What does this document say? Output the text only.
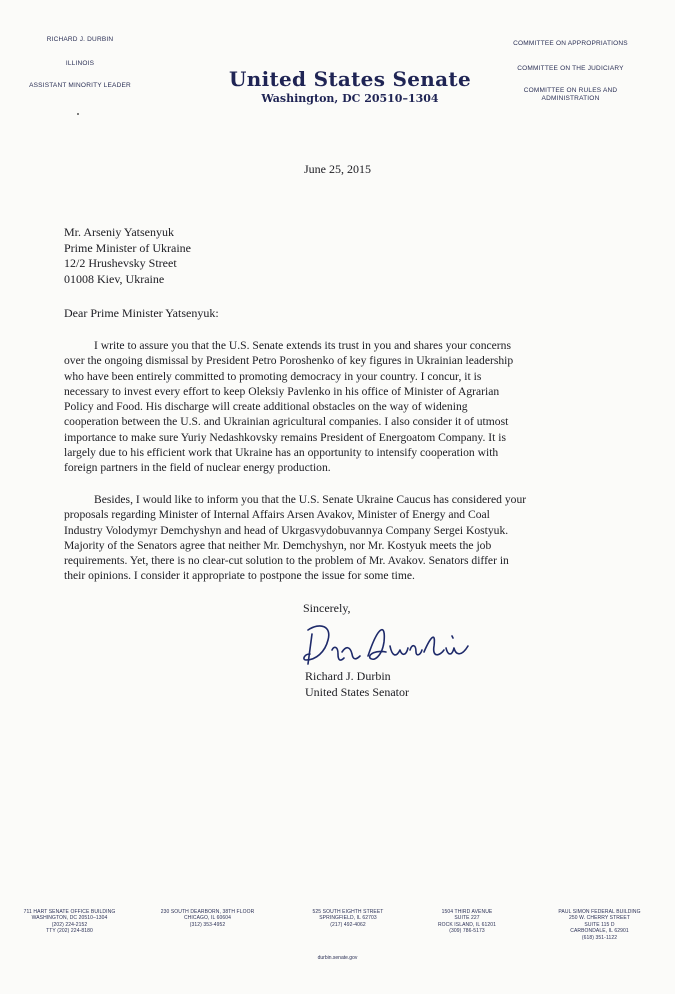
RICHARD J. DURBIN
ILLINOIS
ASSISTANT MINORITY LEADER	United States Senate
Washington, DC 20510–1304
COMMITTEE ON APPROPRIATIONS
COMMITTEE ON THE JUDICIARY
COMMITTEE ON RULES AND ADMINISTRATION
June 25, 2015
Mr. Arseniy Yatsenyuk
Prime Minister of Ukraine
12/2 Hrushevsky Street
01008 Kiev, Ukraine
Dear Prime Minister Yatsenyuk:
I write to assure you that the U.S. Senate extends its trust in you and shares your concerns
over the ongoing dismissal by President Petro Poroshenko of key figures in Ukrainian leadership
who have been entirely committed to promoting democracy in your country. I concur, it is
necessary to invest every effort to keep Oleksiy Pavlenko in his office of Minister of Agrarian
Policy and Food. His discharge will create additional obstacles on the way of widening
cooperation between the U.S. and Ukrainian agricultural companies. I also consider it of utmost
importance to make sure Yuriy Nedashkovsky remains President of Energoatom Company. It is
largely due to his efficient work that Ukraine has an opportunity to intensify cooperation with
foreign partners in the field of nuclear energy production.
Besides, I would like to inform you that the U.S. Senate Ukraine Caucus has considered your
proposals regarding Minister of Internal Affairs Arsen Avakov, Minister of Energy and Coal
Industry Volodymyr Demchyshyn and head of Ukrgasvydobuvannya Company Sergei Kostyuk.
Majority of the Senators agree that neither Mr. Demchyshyn, nor Mr. Kostyuk meets the job
requirements. Yet, there is no clear-cut solution to the problem of Mr. Avakov. Senators differ in
their opinions. I consider it appropriate to postpone the issue for some time.
Sincerely,
Richard J. Durbin
United States Senator
711 HART SENATE OFFICE BUILDING
WASHINGTON, DC 20510–1304
(202) 224-2152
TTY (202) 224-8180
230 SOUTH DEARBORN, 38TH FLOOR
CHICAGO, IL 60604
(312) 353-4952
525 SOUTH EIGHTH STREET
SPRINGFIELD, IL 62703
(217) 492-4062
1504 THIRD AVENUE
SUITE 227
ROCK ISLAND, IL 61201
(309) 786-5173
PAUL SIMON FEDERAL BUILDING
250 W. CHERRY STREET
SUITE 115 D
CARBONDALE, IL 62901
(618) 351-1122
durbin.senate.gov
